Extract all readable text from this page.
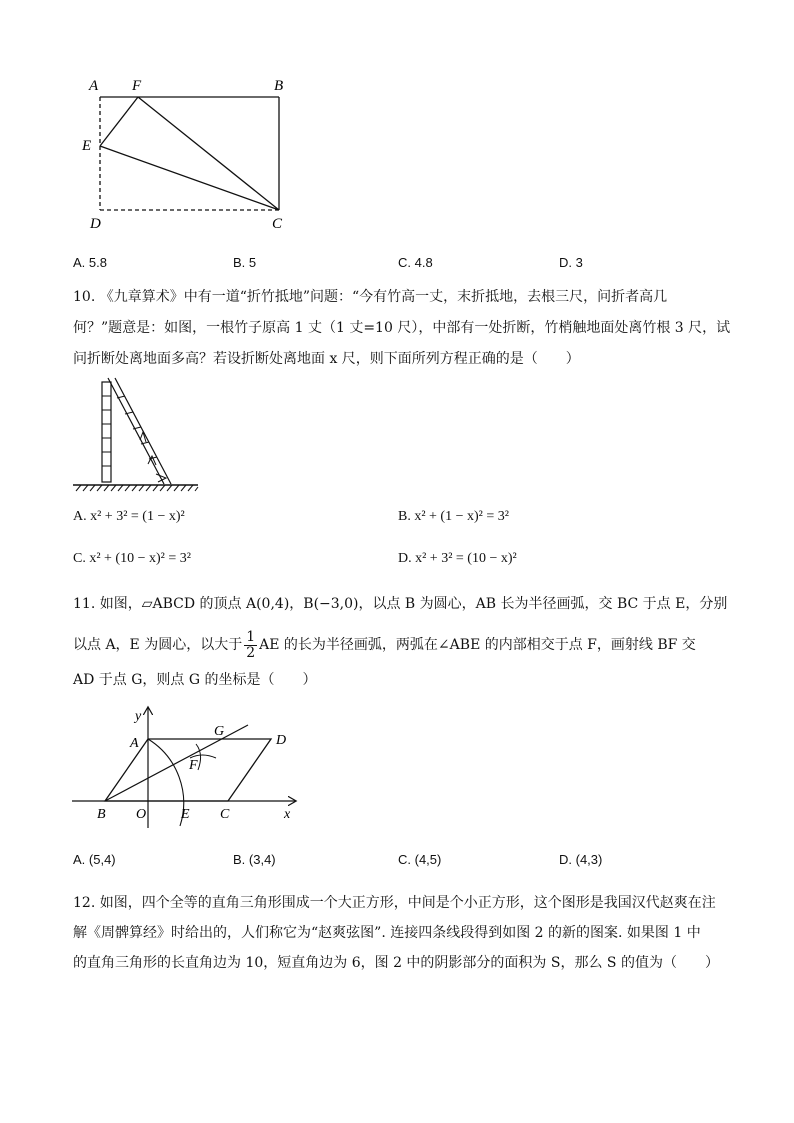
A F	B
E
D	C
A. 5.8	B. 5	C. 4.8	D. 3
10. 《九章算术》中有一道“折竹抵地”问题：“今有竹高一丈，末折抵地，去根三尺，问折者高几
何？”题意是：如图，一根竹子原高 1 丈（1 丈=10 尺），中部有一处折断，竹梢触地面处离竹根 3 尺，试
问折断处离地面多高？若设折断处离地面 x 尺，则下面所列方程正确的是（　　）
A. x² + 3² = (1 − x)²	B. x² + (1 − x)² = 3²
C. x² + (10 − x)² = 3²	D. x² + 3² = (10 − x)²
11. 如图，▱ABCD 的顶点 A(0,4)，B(−3,0)，以点 B 为圆心，AB 长为半径画弧，交 BC 于点 E，分别
以点 A，E 为圆心，以大于 $\frac{1}{2}$ AE 的长为半径画弧，两弧在∠ABE 的内部相交于点 F，画射线 BF 交
AD 于点 G，则点 G 的坐标是（　　）
y
A
G
D
F
B O E C	x
A. (5,4)	B. (3,4)	C. (4,5)	D. (4,3)
12. 如图，四个全等的直角三角形围成一个大正方形，中间是个小正方形，这个图形是我国汉代赵爽在注
解《周髀算经》时给出的，人们称它为“赵爽弦图”. 连接四条线段得到如图 2 的新的图案. 如果图 1 中
的直角三角形的长直角边为 10，短直角边为 6，图 2 中的阴影部分的面积为 S，那么 S 的值为（　　）
